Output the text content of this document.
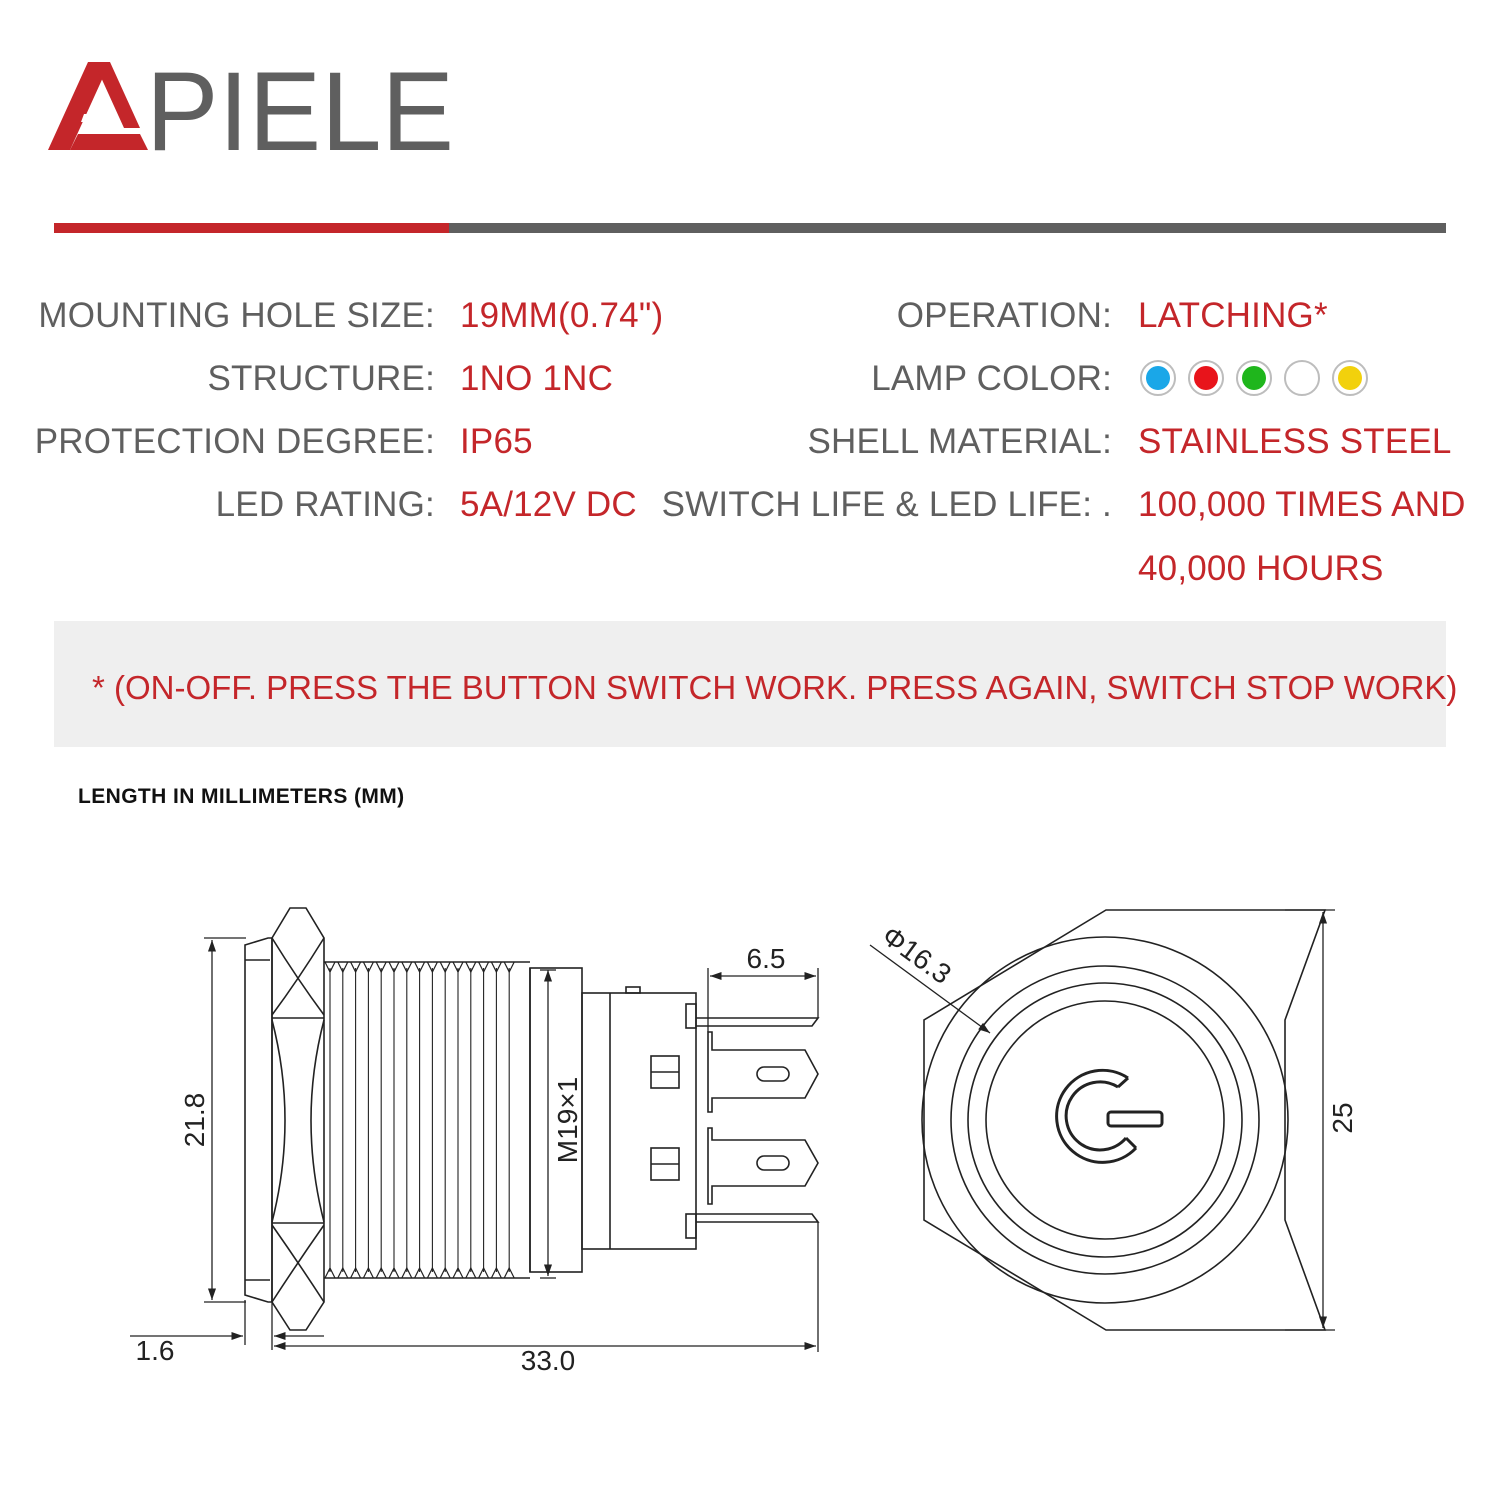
PIELE
MOUNTING HOLE SIZE: 19MM(0.74")
STRUCTURE: 1NO 1NC
PROTECTION DEGREE: IP65
LED RATING: 5A/12V DC
OPERATION: LATCHING*
LAMP COLOR:
SHELL MATERIAL: STAINLESS STEEL
SWITCH LIFE & LED LIFE: . 100,000 TIMES AND
40,000 HOURS
* (ON-OFF. PRESS THE BUTTON SWITCH WORK. PRESS AGAIN, SWITCH STOP WORK)
LENGTH IN MILLIMETERS (MM)
21.8	M19×1
6.5
1.6	33.0
25
Φ16.3
